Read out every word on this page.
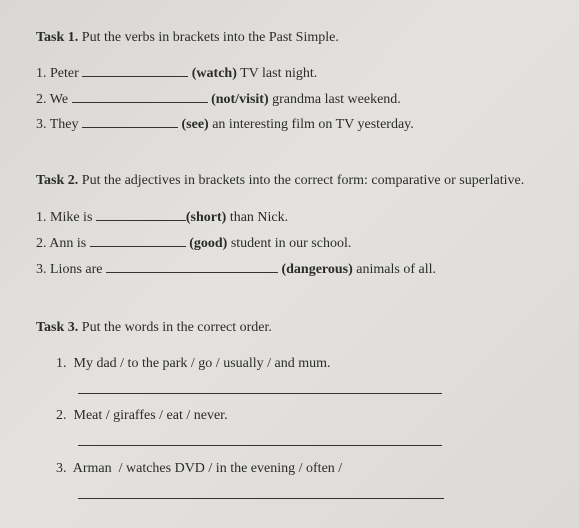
Task 1. Put the verbs in brackets into the Past Simple.
1. Peter	(watch) TV last night.
2. We	(not/visit) grandma last weekend.
3. They	(see) an interesting film on TV yesterday.
Task 2. Put the adjectives in brackets into the correct form: comparative or superlative.
1. Mike is	(short) than Nick.
2. Ann is	(good) student in our school.
3. Lions are	(dangerous) animals of all.
Task 3. Put the words in the correct order.
1. My dad / to the park / go / usually / and mum.
2. Meat / giraffes / eat / never.
3. Arman  / watches DVD / in the evening / often /
